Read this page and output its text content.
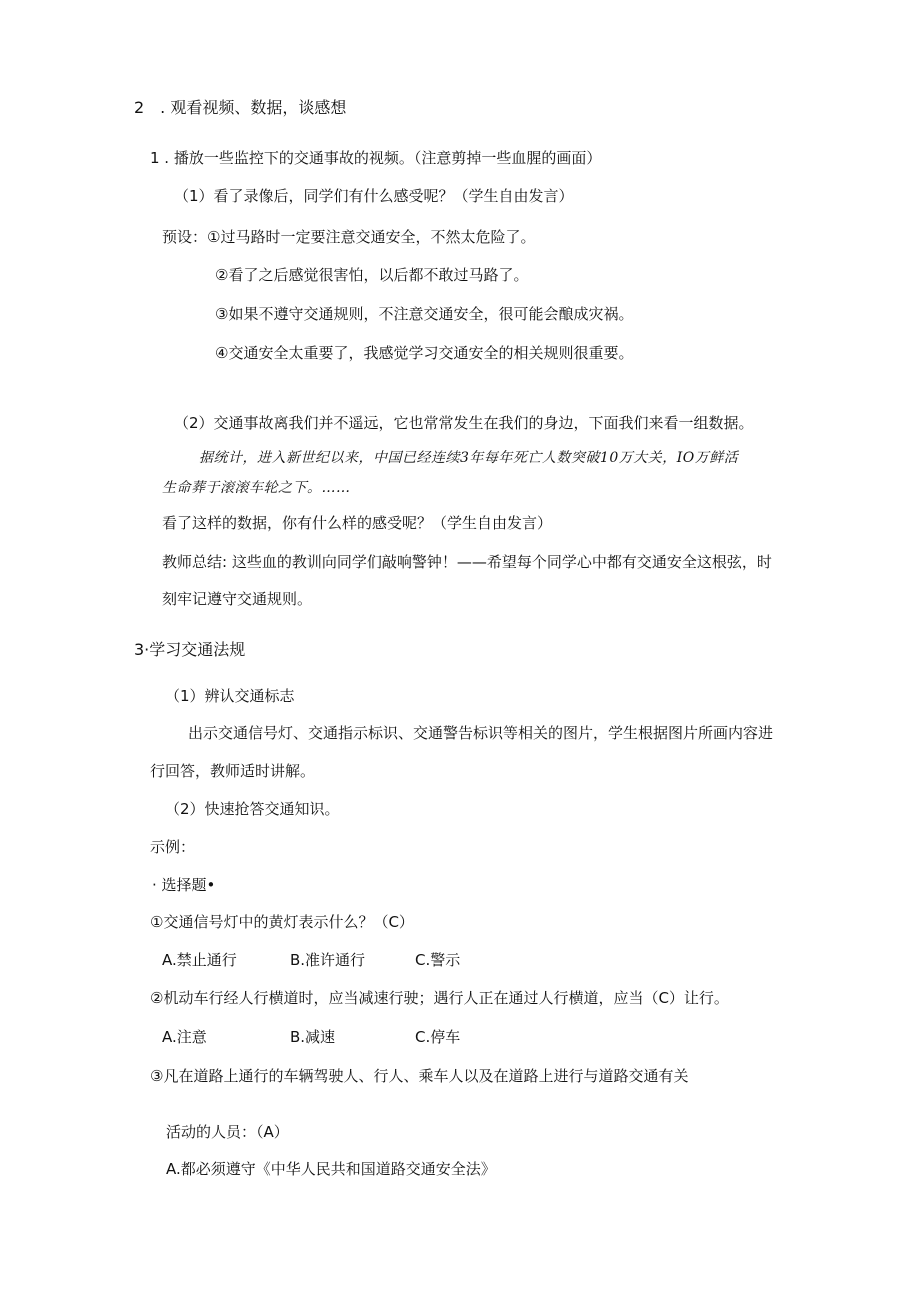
2　. 观看视频、数据，谈感想
1 . 播放一些监控下的交通事故的视频。（注意剪掉一些血腥的画面）
（1）看了录像后，同学们有什么感受呢？（学生自由发言）
预设：①过马路时一定要注意交通安全，不然太危险了。
②看了之后感觉很害怕，以后都不敢过马路了。
③如果不遵守交通规则，不注意交通安全，很可能会酿成灾祸。
④交通安全太重要了，我感觉学习交通安全的相关规则很重要。
（2）交通事故离我们并不遥远，它也常常发生在我们的身边，下面我们来看一组数据。
据统计，进入新世纪以来，中国已经连续3年每年死亡人数突破10万大关，IO万鲜活
生命葬于滚滚车轮之下。……
看了这样的数据，你有什么样的感受呢？（学生自由发言）
教师总结: 这些血的教训向同学们敲响警钟！——希望每个同学心中都有交通安全这根弦，时
刻牢记遵守交通规则。
3·学习交通法规
（1）辨认交通标志
出示交通信号灯、交通指示标识、交通警告标识等相关的图片，学生根据图片所画内容进
行回答，教师适时讲解。
（2）快速抢答交通知识。
示例：
· 选择题•
①交通信号灯中的黄灯表示什么？（C）
A.禁止通行	B.准许通行	C.警示
②机动车行经人行横道时，应当减速行驶；遇行人正在通过人行横道，应当（C）让行。
A.注意	B.减速	C.停车
③凡在道路上通行的车辆驾驶人、行人、乘车人以及在道路上进行与道路交通有关
活动的人员：（A）
A.都必须遵守《中华人民共和国道路交通安全法》
